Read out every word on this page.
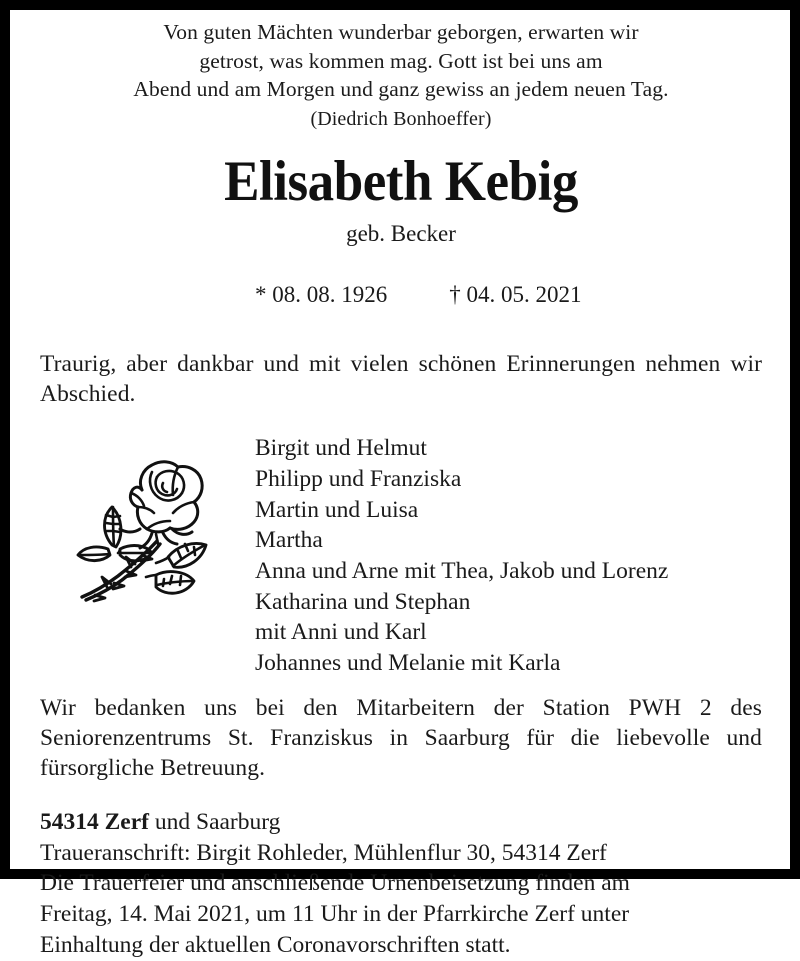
Von guten Mächten wunderbar geborgen, erwarten wir
getrost, was kommen mag. Gott ist bei uns am
Abend und am Morgen und ganz gewiss an jedem neuen Tag.
(Diedrich Bonhoeffer)
Elisabeth Kebig
geb. Becker

* 08. 08. 1926	† 04. 05. 2021

Traurig, aber dankbar und mit vielen schönen Erinnerungen nehmen wir Abschied.

Birgit und Helmut
Philipp und Franziska
Martin und Luisa
Martha
Anna und Arne mit Thea, Jakob und Lorenz
Katharina und Stephan
mit Anni und Karl
Johannes und Melanie mit Karla

Wir bedanken uns bei den Mitarbeitern der Station PWH 2 des Seniorenzentrums St. Franziskus in Saarburg für die liebevolle und fürsorgliche Betreuung.

54314 Zerf und Saarburg
Traueranschrift: Birgit Rohleder, Mühlenflur 30, 54314 Zerf
Die Trauerfeier und anschließende Urnenbeisetzung finden am
Freitag, 14. Mai 2021, um 11 Uhr in der Pfarrkirche Zerf unter
Einhaltung der aktuellen Coronavorschriften statt.
